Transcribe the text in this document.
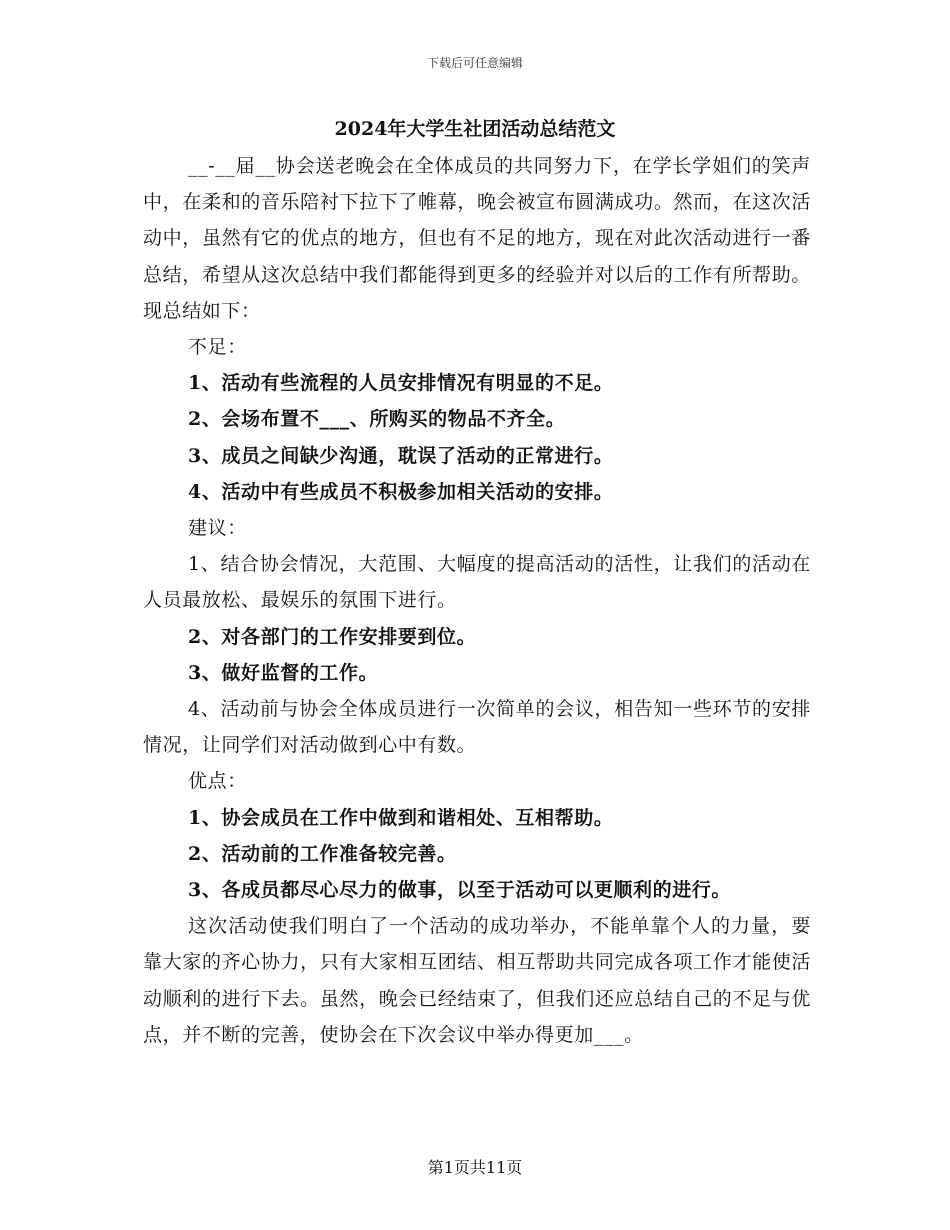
下载后可任意编辑
2024年大学生社团活动总结范文

__-__届__协会送老晚会在全体成员的共同努力下，在学长学姐们的笑声中，在柔和的音乐陪衬下拉下了帷幕，晚会被宣布圆满成功。然而，在这次活动中，虽然有它的优点的地方，但也有不足的地方，现在对此次活动进行一番总结，希望从这次总结中我们都能得到更多的经验并对以后的工作有所帮助。现总结如下：

不足：

1、活动有些流程的人员安排情况有明显的不足。

2、会场布置不___、所购买的物品不齐全。

3、成员之间缺少沟通，耽误了活动的正常进行。

4、活动中有些成员不积极参加相关活动的安排。

建议：

1、结合协会情况，大范围、大幅度的提高活动的活性，让我们的活动在人员最放松、最娱乐的氛围下进行。

2、对各部门的工作安排要到位。

3、做好监督的工作。

4、活动前与协会全体成员进行一次简单的会议，相告知一些环节的安排情况，让同学们对活动做到心中有数。

优点：

1、协会成员在工作中做到和谐相处、互相帮助。

2、活动前的工作准备较完善。

3、各成员都尽心尽力的做事，以至于活动可以更顺利的进行。

这次活动使我们明白了一个活动的成功举办，不能单靠个人的力量，要靠大家的齐心协力，只有大家相互团结、相互帮助共同完成各项工作才能使活动顺利的进行下去。虽然，晚会已经结束了，但我们还应总结自己的不足与优点，并不断的完善，使协会在下次会议中举办得更加___。

第1页共11页
